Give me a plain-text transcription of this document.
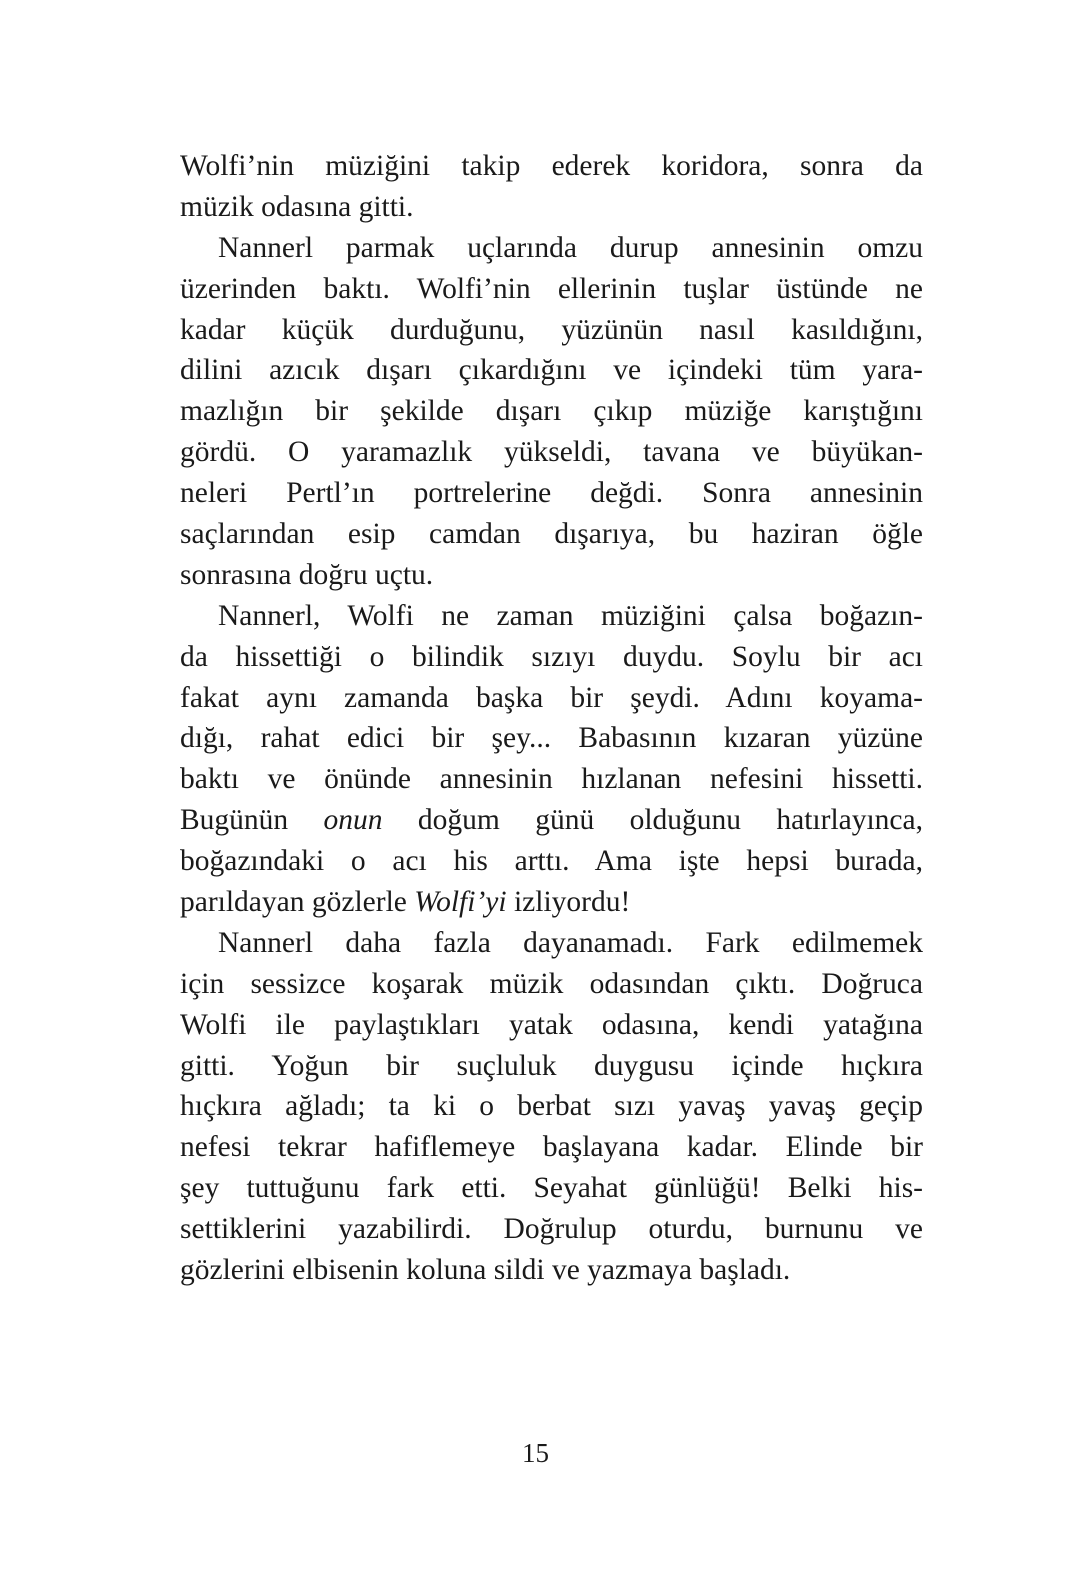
Wolfi’nin müziğini takip ederek koridora, sonra da
müzik odasına gitti.
Nannerl parmak uçlarında durup annesinin omzu
üzerinden baktı. Wolfi’nin ellerinin tuşlar üstünde ne
kadar küçük durduğunu, yüzünün nasıl kasıldığını,
dilini azıcık dışarı çıkardığını ve içindeki tüm yara-
mazlığın bir şekilde dışarı çıkıp müziğe karıştığını
gördü. O yaramazlık yükseldi, tavana ve büyükan-
neleri Pertl’ın portrelerine değdi. Sonra annesinin
saçlarından esip camdan dışarıya, bu haziran öğle
sonrasına doğru uçtu.
Nannerl, Wolfi ne zaman müziğini çalsa boğazın-
da hissettiği o bilindik sızıyı duydu. Soylu bir acı
fakat aynı zamanda başka bir şeydi. Adını koyama-
dığı, rahat edici bir şey... Babasının kızaran yüzüne
baktı ve önünde annesinin hızlanan nefesini hissetti.
Bugünün onun doğum günü olduğunu hatırlayınca,
boğazındaki o acı his arttı. Ama işte hepsi burada,
parıldayan gözlerle Wolfi’yi izliyordu!
Nannerl daha fazla dayanamadı. Fark edilmemek
için sessizce koşarak müzik odasından çıktı. Doğruca
Wolfi ile paylaştıkları yatak odasına, kendi yatağına
gitti. Yoğun bir suçluluk duygusu içinde hıçkıra
hıçkıra ağladı; ta ki o berbat sızı yavaş yavaş geçip
nefesi tekrar hafiflemeye başlayana kadar. Elinde bir
şey tuttuğunu fark etti. Seyahat günlüğü! Belki his-
settiklerini yazabilirdi. Doğrulup oturdu, burnunu ve
gözlerini elbisenin koluna sildi ve yazmaya başladı.
15
